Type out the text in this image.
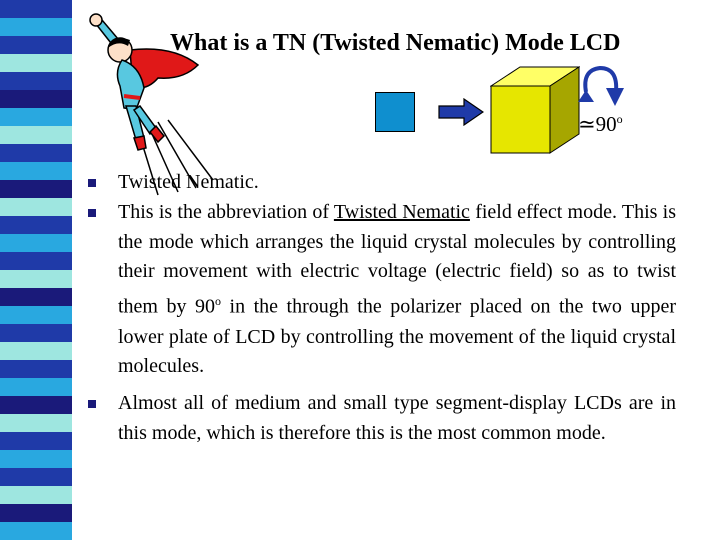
What is a TN (Twisted Nematic) Mode LCD
≃90$^o$
Twisted Nematic.
This is the abbreviation of Twisted Nematic field effect mode. This is the mode which arranges the liquid crystal molecules by controlling their movement with electric voltage (electric field) so as to twist them by 90$^o$ in the through the polarizer placed on the two upper lower plate of LCD by controlling the movement of the liquid crystal molecules.
Almost all of medium and small type segment-display LCDs are in this mode, which is therefore this is the most common mode.
